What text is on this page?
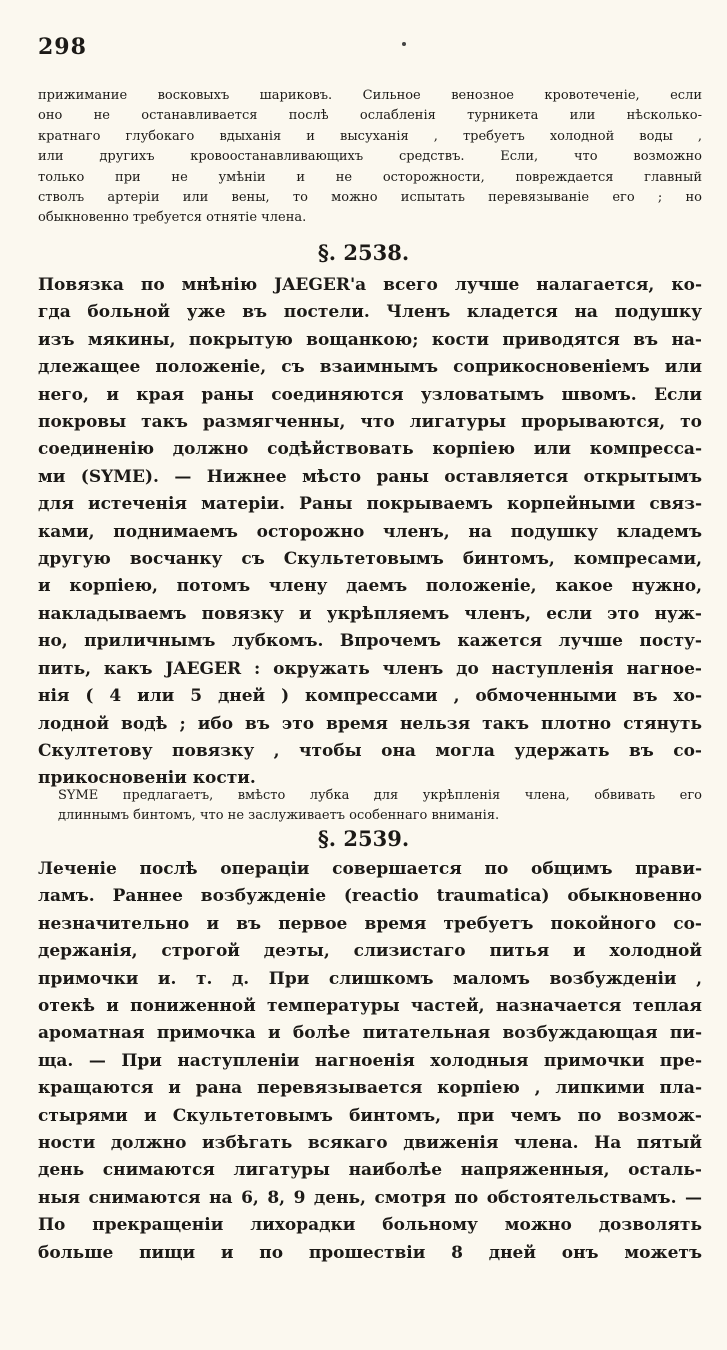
298
прижимание восковыхъ шариковъ. Сильное венозное кровотеченіе, если
оно не останавливается послѣ ослабленія турникета или нѣсколько-
кратнаго глубокаго вдыханія и высуханія , требуетъ холодной воды ,
или другихъ кровоостанавливающихъ средствъ. Если, что возможно
только при не умѣніи и не осторожности, повреждается главный
стволъ артеріи или вены, то можно испытать перевязываніе его ; но
обыкновенно требуется отнятіе члена.
§. 2538.
Повязка по мнѣнію JAEGER'а всего лучше налагается, ко-
гда больной уже въ постели. Членъ кладется на подушку
изъ мякины, покрытую вощанкою; кости приводятся въ на-
длежащее положеніе, съ взаимнымъ соприкосновеніемъ или
него, и края раны соединяются узловатымъ швомъ. Если
покровы такъ размягченны, что лигатуры прорываются, то
соединенію должно содѣйствовать корпіею или компресса-
ми (SYME). — Нижнее мѣсто раны оставляется открытымъ
для истеченія матеріи. Раны покрываемъ корпейными связ-
ками, поднимаемъ осторожно членъ, на подушку кладемъ
другую восчанку съ Скультетовымъ бинтомъ, компресами,
и корпіею, потомъ члену даемъ положеніе, какое нужно,
накладываемъ повязку и укрѣпляемъ членъ, если это нуж-
но, приличнымъ лубкомъ. Впрочемъ кажется лучше посту-
пить, какъ JAEGER : окружать членъ до наступленія нагное-
нія ( 4 или 5 дней ) компрессами , обмоченными въ хо-
лодной водѣ ; ибо въ это время нельзя такъ плотно стянуть
Скултетову повязку , чтобы она могла удержать въ со-
прикосновеніи кости.
SYME предлагаетъ, вмѣсто лубка для укрѣпленія члена, обвивать его
длиннымъ бинтомъ, что не заслуживаетъ особеннаго вниманія.
§. 2539.
Леченіе послѣ операціи совершается по общимъ прави-
ламъ. Раннее возбужденіе (reactio traumatica) обыкновенно
незначительно и въ первое время требуетъ покойного со-
держанія, строгой деэты, слизистаго питья и холодной
примочки и. т. д. При слишкомъ маломъ возбужденіи ,
отекѣ и пониженной температуры частей, назначается теплая
ароматная примочка и болѣе питательная возбуждающая пи-
ща. — При наступленіи нагноенія холодныя примочки пре-
кращаются и рана перевязывается корпіею , липкими пла-
стырями и Скультетовымъ бинтомъ, при чемъ по возмож-
ности должно избѣгать всякаго движенія члена. На пятый
день снимаются лигатуры наиболѣе напряженныя, осталь-
ныя снимаются на 6, 8, 9 день, смотря по обстоятельствамъ. —
По прекращеніи лихорадки больному можно дозволять
больше пищи и по прошествіи 8 дней онъ можетъ
